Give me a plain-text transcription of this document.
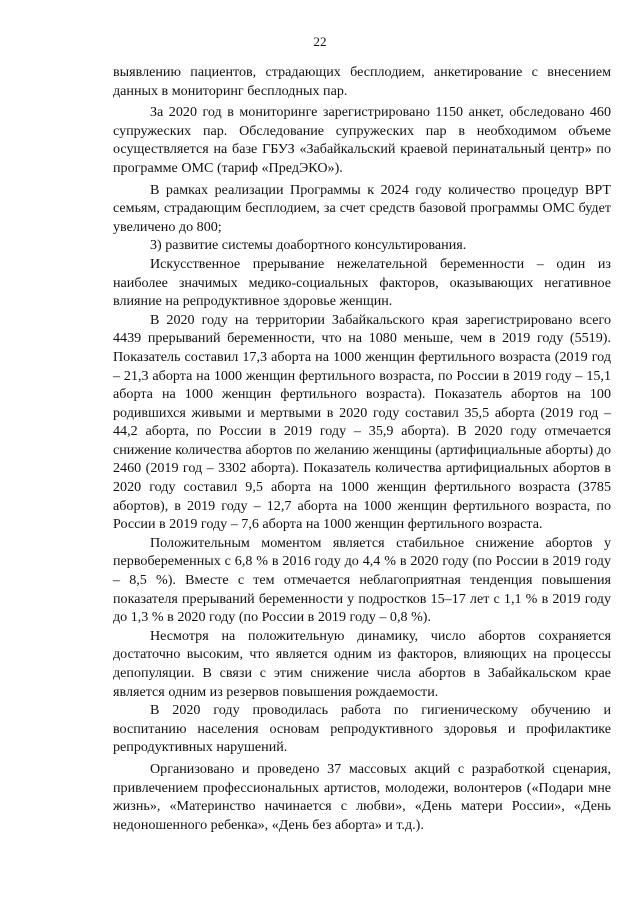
22

выявлению пациентов, страдающих бесплодием, анкетирование с внесением данных в мониторинг бесплодных пар.

За 2020 год в мониторинге зарегистрировано 1150 анкет, обследовано 460 супружеских пар. Обследование супружеских пар в необходимом объеме осуществляется на базе ГБУЗ «Забайкальский краевой перинатальный центр» по программе ОМС (тариф «ПредЭКО»).

В рамках реализации Программы к 2024 году количество процедур ВРТ семьям, страдающим бесплодием, за счет средств базовой программы ОМС будет увеличено до 800;

3) развитие системы доабортного консультирования.

Искусственное прерывание нежелательной беременности – один из наиболее значимых медико-социальных факторов, оказывающих негативное влияние на репродуктивное здоровье женщин.

В 2020 году на территории Забайкальского края зарегистрировано всего 4439 прерываний беременности, что на 1080 меньше, чем в 2019 году (5519). Показатель составил 17,3 аборта на 1000 женщин фертильного возраста (2019 год – 21,3 аборта на 1000 женщин фертильного возраста, по России в 2019 году – 15,1 аборта на 1000 женщин фертильного возраста). Показатель абортов на 100 родившихся живыми и мертвыми в 2020 году составил 35,5 аборта (2019 год – 44,2 аборта, по России в 2019 году – 35,9 аборта). В 2020 году отмечается снижение количества абортов по желанию женщины (артифициальные аборты) до 2460 (2019 год – 3302 аборта). Показатель количества артифициальных абортов в 2020 году составил 9,5 аборта на 1000 женщин фертильного возраста (3785 абортов), в 2019 году – 12,7 аборта на 1000 женщин фертильного возраста, по России в 2019 году – 7,6 аборта на 1000 женщин фертильного возраста.

Положительным моментом является стабильное снижение абортов у первобеременных с 6,8 % в 2016 году до 4,4 % в 2020 году (по России в 2019 году – 8,5 %). Вместе с тем отмечается неблагоприятная тенденция повышения показателя прерываний беременности у подростков 15–17 лет с 1,1 % в 2019 году до 1,3 % в 2020 году (по России в 2019 году – 0,8 %).

Несмотря на положительную динамику, число абортов сохраняется достаточно высоким, что является одним из факторов, влияющих на процессы депопуляции. В связи с этим снижение числа абортов в Забайкальском крае является одним из резервов повышения рождаемости.

В 2020 году проводилась работа по гигиеническому обучению и воспитанию населения основам репродуктивного здоровья и профилактике репродуктивных нарушений.

Организовано и проведено 37 массовых акций с разработкой сценария, привлечением профессиональных артистов, молодежи, волонтеров («Подари мне жизнь», «Материнство начинается с любви», «День матери России», «День недоношенного ребенка», «День без аборта» и т.д.).
